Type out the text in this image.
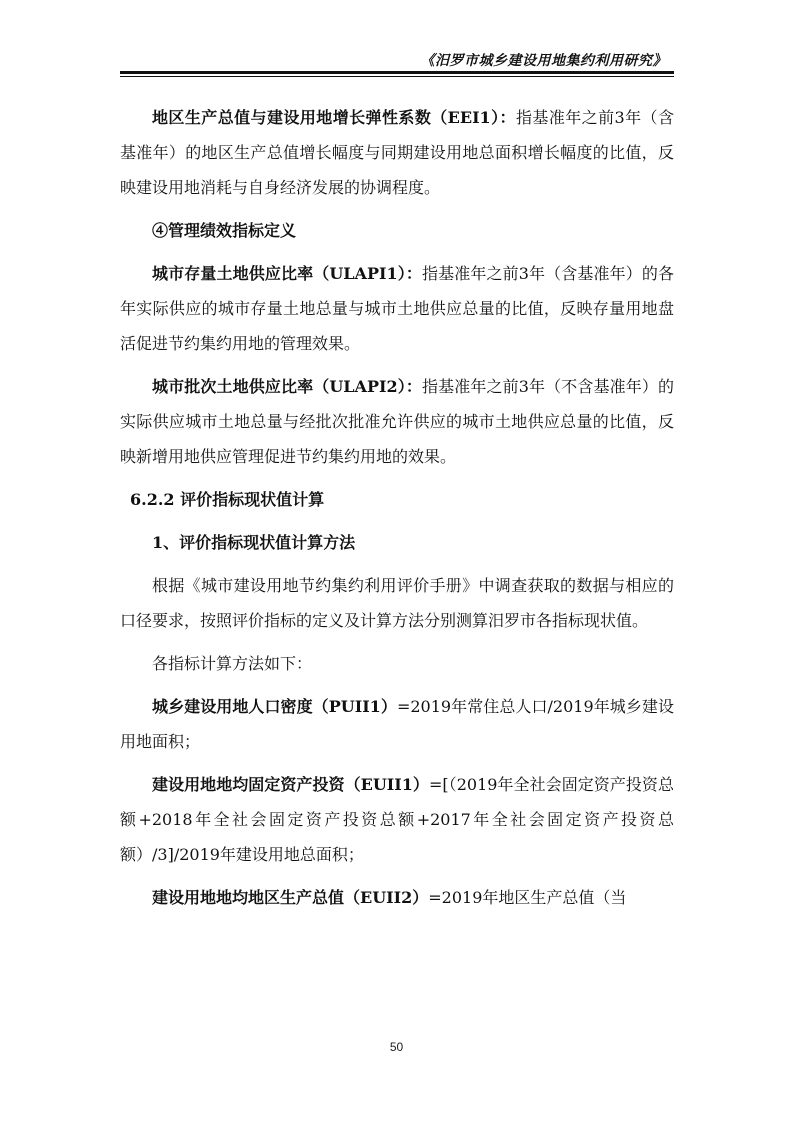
《汨罗市城乡建设用地集约利用研究》

地区生产总值与建设用地增长弹性系数（EEI1）：指基准年之前3年（含基准年）的地区生产总值增长幅度与同期建设用地总面积增长幅度的比值，反映建设用地消耗与自身经济发展的协调程度。

④管理绩效指标定义

城市存量土地供应比率（ULAPI1）：指基准年之前3年（含基准年）的各年实际供应的城市存量土地总量与城市土地供应总量的比值，反映存量用地盘活促进节约集约用地的管理效果。

城市批次土地供应比率（ULAPI2）：指基准年之前3年（不含基准年）的实际供应城市土地总量与经批次批准允许供应的城市土地供应总量的比值，反映新增用地供应管理促进节约集约用地的效果。

6.2.2 评价指标现状值计算

1、评价指标现状值计算方法

根据《城市建设用地节约集约利用评价手册》中调查获取的数据与相应的口径要求，按照评价指标的定义及计算方法分别测算汨罗市各指标现状值。

各指标计算方法如下：

城乡建设用地人口密度（PUII1）=2019年常住总人口/2019年城乡建设用地面积；

建设用地地均固定资产投资（EUII1）=[（2019年全社会固定资产投资总额+2018年全社会固定资产投资总额+2017年全社会固定资产投资总额）/3]/2019年建设用地总面积；

建设用地地均地区生产总值（EUII2）=2019年地区生产总值（当

50
